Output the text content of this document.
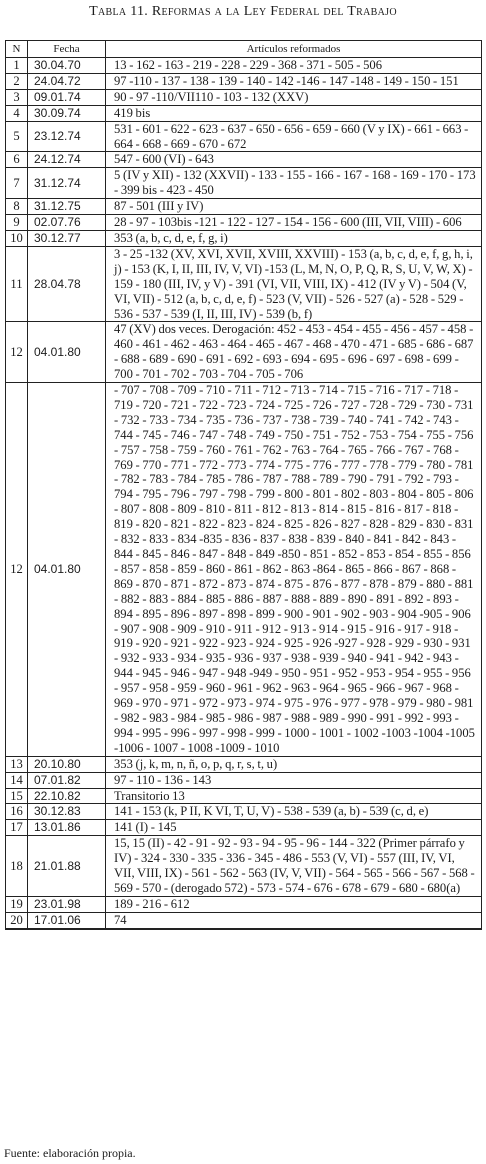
Tabla 11. Reformas a la Ley Federal del Trabajo
N	Fecha	Artículos reformados
1	30.04.70	13 - 162 - 163 - 219 - 228 - 229 - 368 - 371 - 505 - 506
2	24.04.72	97 -110 - 137 - 138 - 139 - 140 - 142 -146 - 147 -148 - 149 - 150 - 151
3	09.01.74	90 - 97 -110/VII110 - 103 - 132 (XXV)
4	30.09.74	419 bis
5	23.12.74	531 - 601 - 622 - 623 - 637 - 650 - 656 - 659 - 660 (V y IX) - 661 - 663 - 664 - 668 - 669 - 670 - 672
6	24.12.74	547 - 600 (VI) - 643
7	31.12.74	5 (IV y XII) - 132 (XXVII) - 133 - 155 - 166 - 167 - 168 - 169 - 170 - 173 - 399 bis - 423 - 450
8	31.12.75	87 - 501 (III y IV)
9	02.07.76	28 - 97 - 103bis -121 - 122 - 127 - 154 - 156 - 600 (III, VII, VIII) - 606
10	30.12.77	353 (a, b, c, d, e, f, g, i)
11	28.04.78	3 - 25 -132 (XV, XVI, XVII, XVIII, XXVIII) - 153 (a, b, c, d, e, f, g, h, i, j) - 153 (K, I, II, III, IV, V, VI) -153 (L, M, N, O, P, Q, R, S, U, V, W, X) - 159 - 180 (III, IV, y V) - 391 (VI, VII, VIII, IX) - 412 (IV y V) - 504 (V, VI, VII) - 512 (a, b, c, d, e, f) - 523 (V, VII) - 526 - 527 (a) - 528 - 529 - 536 - 537 - 539 (I, II, III, IV) - 539 (b, f)
12	04.01.80	47 (XV) dos veces. Derogación: 452 - 453 - 454 - 455 - 456 - 457 - 458 - 460 - 461 - 462 - 463 - 464 - 465 - 467 - 468 - 470 - 471 - 685 - 686 - 687 - 688 - 689 - 690 - 691 - 692 - 693 - 694 - 695 - 696 - 697 - 698 - 699 - 700 - 701 - 702 - 703 - 704 - 705 - 706
12	04.01.80	- 707 - 708 - 709 - 710 - 711 - 712 - 713 - 714 - 715 - 716 - 717 - 718 - 719 - 720 - 721 - 722 - 723 - 724 - 725 - 726 - 727 - 728 - 729 - 730 - 731 - 732 - 733 - 734 - 735 - 736 - 737 - 738 - 739 - 740 - 741 - 742 - 743 - 744 - 745 - 746 - 747 - 748 - 749 - 750 - 751 - 752 - 753 - 754 - 755 - 756 - 757 - 758 - 759 - 760 - 761 - 762 - 763 - 764 - 765 - 766 - 767 - 768 - 769 - 770 - 771 - 772 - 773 - 774 - 775 - 776 - 777 - 778 - 779 - 780 - 781 - 782 - 783 - 784 - 785 - 786 - 787 - 788 - 789 - 790 - 791 - 792 - 793 - 794 - 795 - 796 - 797 - 798 - 799 - 800 - 801 - 802 - 803 - 804 - 805 - 806 - 807 - 808 - 809 - 810 - 811 - 812 - 813 - 814 - 815 - 816 - 817 - 818 - 819 - 820 - 821 - 822 - 823 - 824 - 825 - 826 - 827 - 828 - 829 - 830 - 831 - 832 - 833 - 834 -835 - 836 - 837 - 838 - 839 - 840 - 841 - 842 - 843 - 844 - 845 - 846 - 847 - 848 - 849 -850 - 851 - 852 - 853 - 854 - 855 - 856 - 857 - 858 - 859 - 860 - 861 - 862 - 863 -864 - 865 - 866 - 867 - 868 - 869 - 870 - 871 - 872 - 873 - 874 - 875 - 876 - 877 - 878 - 879 - 880 - 881 - 882 - 883 - 884 - 885 - 886 - 887 - 888 - 889 - 890 - 891 - 892 - 893 - 894 - 895 - 896 - 897 - 898 - 899 - 900 - 901 - 902 - 903 - 904 -905 - 906 - 907 - 908 - 909 - 910 - 911 - 912 - 913 - 914 - 915 - 916 - 917 - 918 - 919 - 920 - 921 - 922 - 923 - 924 - 925 - 926 -927 - 928 - 929 - 930 - 931 - 932 - 933 - 934 - 935 - 936 - 937 - 938 - 939 - 940 - 941 - 942 - 943 - 944 - 945 - 946 - 947 - 948 -949 - 950 - 951 - 952 - 953 - 954 - 955 - 956 - 957 - 958 - 959 - 960 - 961 - 962 - 963 - 964 - 965 - 966 - 967 - 968 - 969 - 970 - 971 - 972 - 973 - 974 - 975 - 976 - 977 - 978 - 979 - 980 - 981 - 982 - 983 - 984 - 985 - 986 - 987 - 988 - 989 - 990 - 991 - 992 - 993 - 994 - 995 - 996 - 997 - 998 - 999 - 1000 - 1001 - 1002 -1003 -1004 -1005 -1006 - 1007 - 1008 -1009 - 1010
13	20.10.80	353 (j, k, m, n, ñ, o, p, q, r, s, t, u)
14	07.01.82	97 - 110 - 136 - 143
15	22.10.82	Transitorio 13
16	30.12.83	141 - 153 (k, P II, K VI, T, U, V) - 538 - 539 (a, b) - 539 (c, d, e)
17	13.01.86	141 (I) - 145
18	21.01.88	15, 15 (II) - 42 - 91 - 92 - 93 - 94 - 95 - 96 - 144 - 322 (Primer párrafo y IV) - 324 - 330 - 335 - 336 - 345 - 486 - 553 (V, VI) - 557 (III, IV, VI, VII, VIII, IX) - 561 - 562 - 563 (IV, V, VII) - 564 - 565 - 566 - 567 - 568 - 569 - 570 - (derogado 572) - 573 - 574 - 676 - 678 - 679 - 680 - 680(a)
19	23.01.98	189 - 216 - 612
20	17.01.06	74

Fuente: elaboración propia.
